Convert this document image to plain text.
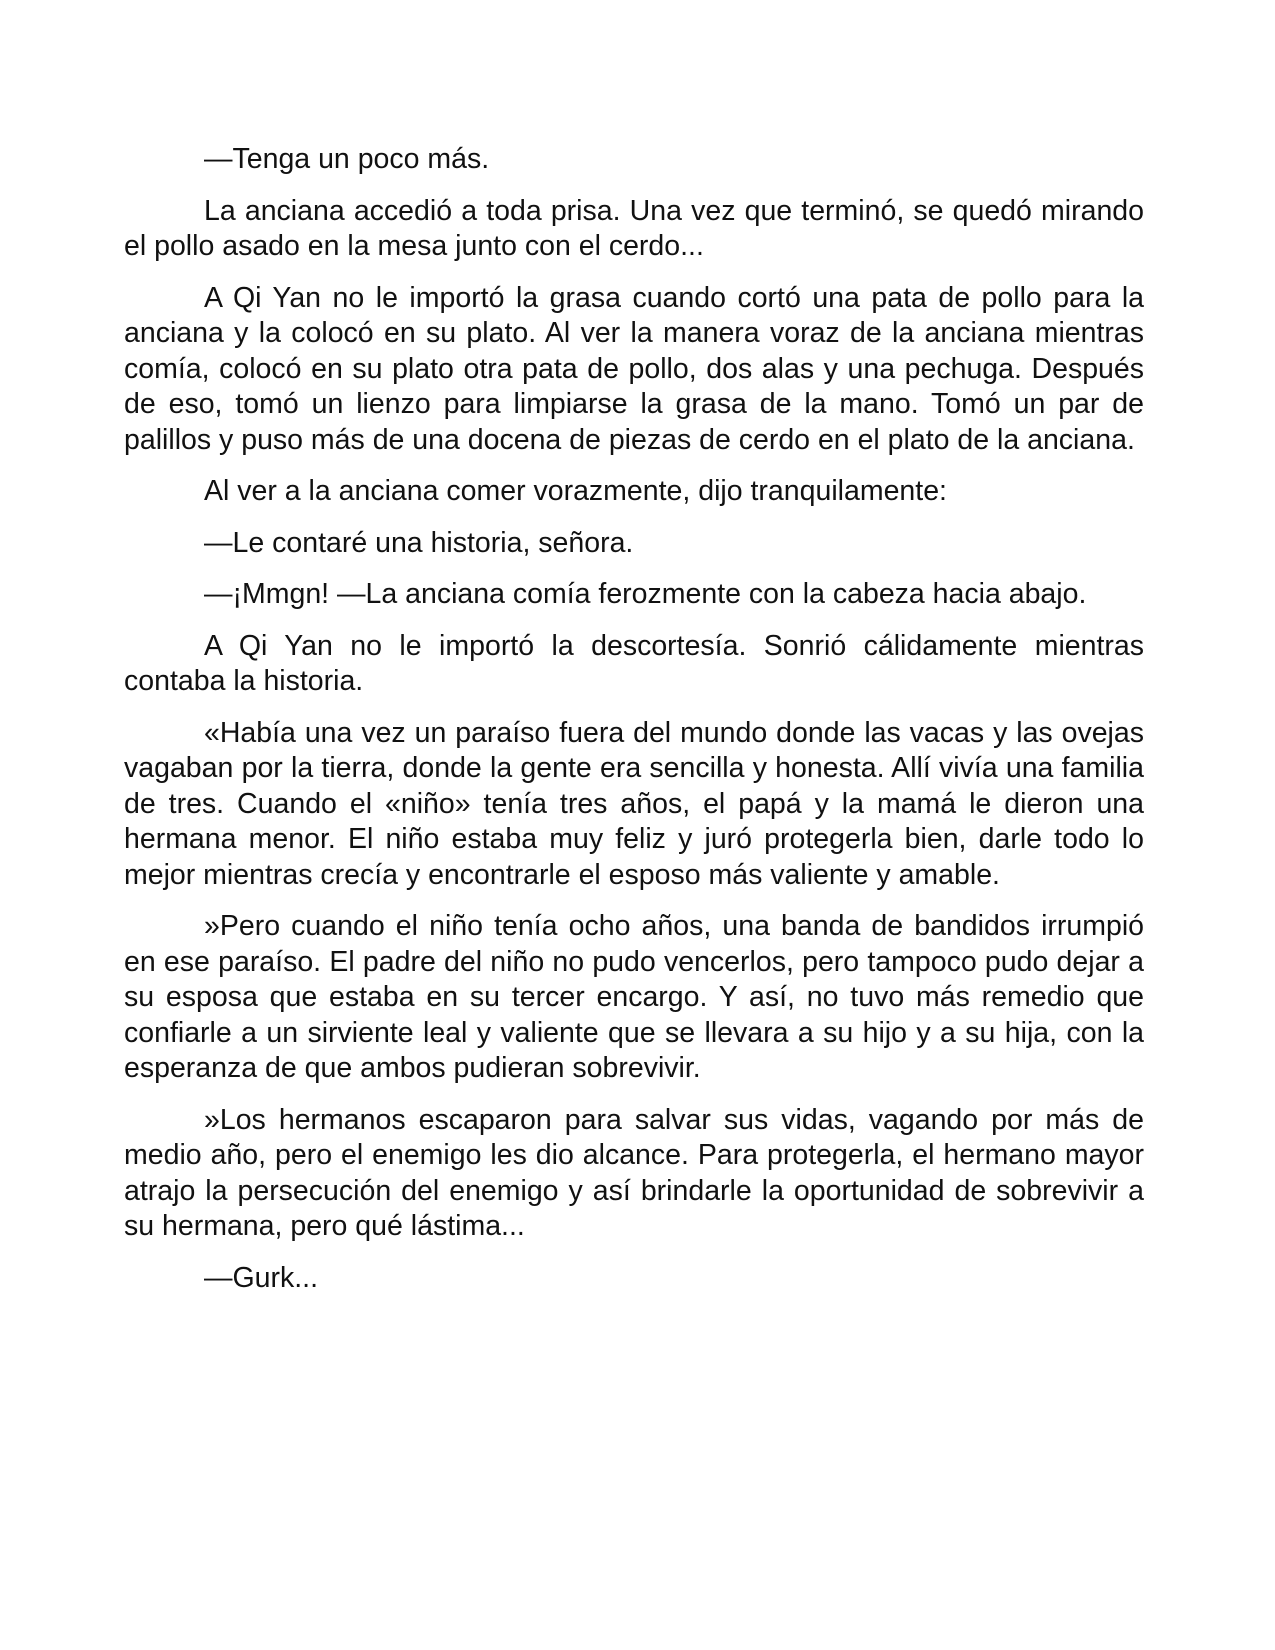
—Tenga un poco más.

La anciana accedió a toda prisa. Una vez que terminó, se quedó mirando el pollo asado en la mesa junto con el cerdo...

A Qi Yan no le importó la grasa cuando cortó una pata de pollo para la anciana y la colocó en su plato. Al ver la manera voraz de la anciana mientras comía, colocó en su plato otra pata de pollo, dos alas y una pechuga. Después de eso, tomó un lienzo para limpiarse la grasa de la mano. Tomó un par de palillos y puso más de una docena de piezas de cerdo en el plato de la anciana.

Al ver a la anciana comer vorazmente, dijo tranquilamente:

—Le contaré una historia, señora.

—¡Mmgn! —La anciana comía ferozmente con la cabeza hacia abajo.

A Qi Yan no le importó la descortesía. Sonrió cálidamente mientras contaba la historia.

«Había una vez un paraíso fuera del mundo donde las vacas y las ovejas vagaban por la tierra, donde la gente era sencilla y honesta. Allí vivía una familia de tres. Cuando el «niño» tenía tres años, el papá y la mamá le dieron una hermana menor. El niño estaba muy feliz y juró protegerla bien, darle todo lo mejor mientras crecía y encontrarle el esposo más valiente y amable.

»Pero cuando el niño tenía ocho años, una banda de bandidos irrumpió en ese paraíso. El padre del niño no pudo vencerlos, pero tampoco pudo dejar a su esposa que estaba en su tercer encargo. Y así, no tuvo más remedio que confiarle a un sirviente leal y valiente que se llevara a su hijo y a su hija, con la esperanza de que ambos pudieran sobrevivir.

»Los hermanos escaparon para salvar sus vidas, vagando por más de medio año, pero el enemigo les dio alcance. Para protegerla, el hermano mayor atrajo la persecución del enemigo y así brindarle la oportunidad de sobrevivir a su hermana, pero qué lástima...

—Gurk...
